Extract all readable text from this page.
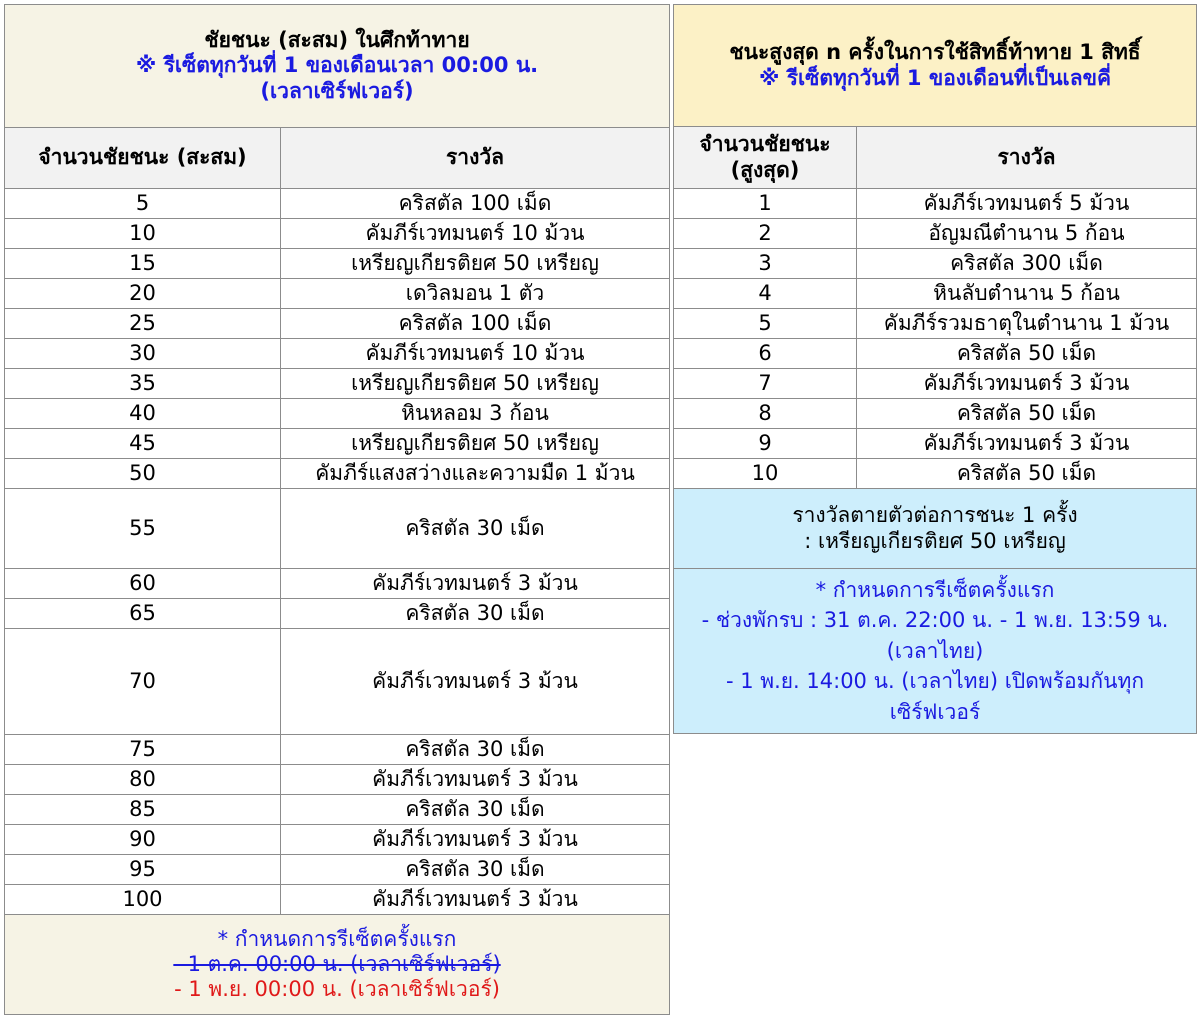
ชัยชนะ (สะสม) ในศึกท้าทาย
※ รีเซ็ตทุกวันที่ 1 ของเดือนเวลา 00:00 น.
(เวลาเซิร์ฟเวอร์)	

จำนวนชัยชนะ (สะสม)	รางวัล
5	คริสตัล 100 เม็ด
10	คัมภีร์เวทมนตร์ 10 ม้วน
15	เหรียญเกียรติยศ 50 เหรียญ
20	เดวิลมอน 1 ตัว
25	คริสตัล 100 เม็ด
30	คัมภีร์เวทมนตร์ 10 ม้วน
35	เหรียญเกียรติยศ 50 เหรียญ
40	หินหลอม 3 ก้อน
45	เหรียญเกียรติยศ 50 เหรียญ
50	คัมภีร์แสงสว่างและความมืด 1 ม้วน
55	คริสตัล 30 เม็ด
60	คัมภีร์เวทมนตร์ 3 ม้วน
65	คริสตัล 30 เม็ด
70	คัมภีร์เวทมนตร์ 3 ม้วน
75	คริสตัล 30 เม็ด
80	คัมภีร์เวทมนตร์ 3 ม้วน
85	คริสตัล 30 เม็ด
90	คัมภีร์เวทมนตร์ 3 ม้วน
95	คริสตัล 30 เม็ด
100	คัมภีร์เวทมนตร์ 3 ม้วน

* กำหนดการรีเซ็ตครั้งแรก
- 1 ต.ค. 00:00 น. (เวลาเซิร์ฟเวอร์)
- 1 พ.ย. 00:00 น. (เวลาเซิร์ฟเวอร์)	
ชนะสูงสุด n ครั้งในการใช้สิทธิ์ท้าทาย 1 สิทธิ์
※ รีเซ็ตทุกวันที่ 1 ของเดือนที่เป็นเลขคี่	

จำนวนชัยชนะ
(สูงสุด)	รางวัล
1	คัมภีร์เวทมนตร์ 5 ม้วน
2	อัญมณีตำนาน 5 ก้อน
3	คริสตัล 300 เม็ด
4	หินลับตำนาน 5 ก้อน
5	คัมภีร์รวมธาตุในตำนาน 1 ม้วน
6	คริสตัล 50 เม็ด
7	คัมภีร์เวทมนตร์ 3 ม้วน
8	คริสตัล 50 เม็ด
9	คัมภีร์เวทมนตร์ 3 ม้วน
10	คริสตัล 50 เม็ด

รางวัลตายตัวต่อการชนะ 1 ครั้ง
: เหรียญเกียรติยศ 50 เหรียญ	

* กำหนดการรีเซ็ตครั้งแรก
- ช่วงพักรบ : 31 ต.ค. 22:00 น. - 1 พ.ย. 13:59 น.
(เวลาไทย)
- 1 พ.ย. 14:00 น. (เวลาไทย) เปิดพร้อมกันทุก
เซิร์ฟเวอร์	
